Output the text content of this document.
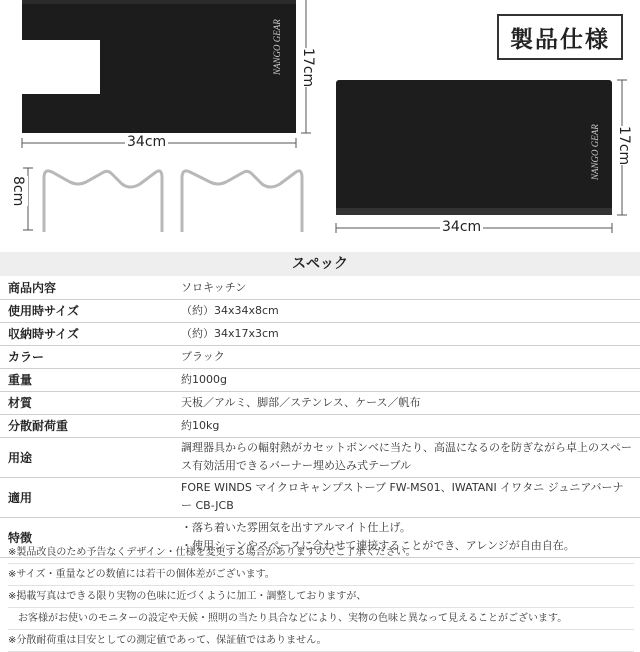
製品仕様
NANGO GEAR
NANGO GEAR
34cm
17cm
8cm
34cm
17cm
スペック
商品内容	ソロキッチン
使用時サイズ	（約）34x34x8cm
収納時サイズ	（約）34x17x3cm
カラー	ブラック
重量	約1000g
材質	天板／アルミ、脚部／ステンレス、ケース／帆布
分散耐荷重	約10kg
用途	調理器具からの輻射熱がカセットボンベに当たり、高温になるのを防ぎながら卓上のスペース有効活用できるバーナー埋め込み式テーブル
適用	FORE WINDS マイクロキャンプストーブ FW-MS01、IWATANI イワタニ ジュニアバーナー CB-JCB
特徴	・落ち着いた雰囲気を出すアルマイト仕上げ。
・使用シーンやスペースに合わせて連接することができ、アレンジが自由自在。
※製品改良のため予告なくデザイン・仕様を変更する場合がありますのでご了承ください。
※サイズ・重量などの数値には若干の個体差がございます。
※掲載写真はできる限り実物の色味に近づくように加工・調整しておりますが、
　お客様がお使いのモニターの設定や天候・照明の当たり具合などにより、実物の色味と異なって見えることがございます。
※分散耐荷重は目安としての測定値であって、保証値ではありません。
